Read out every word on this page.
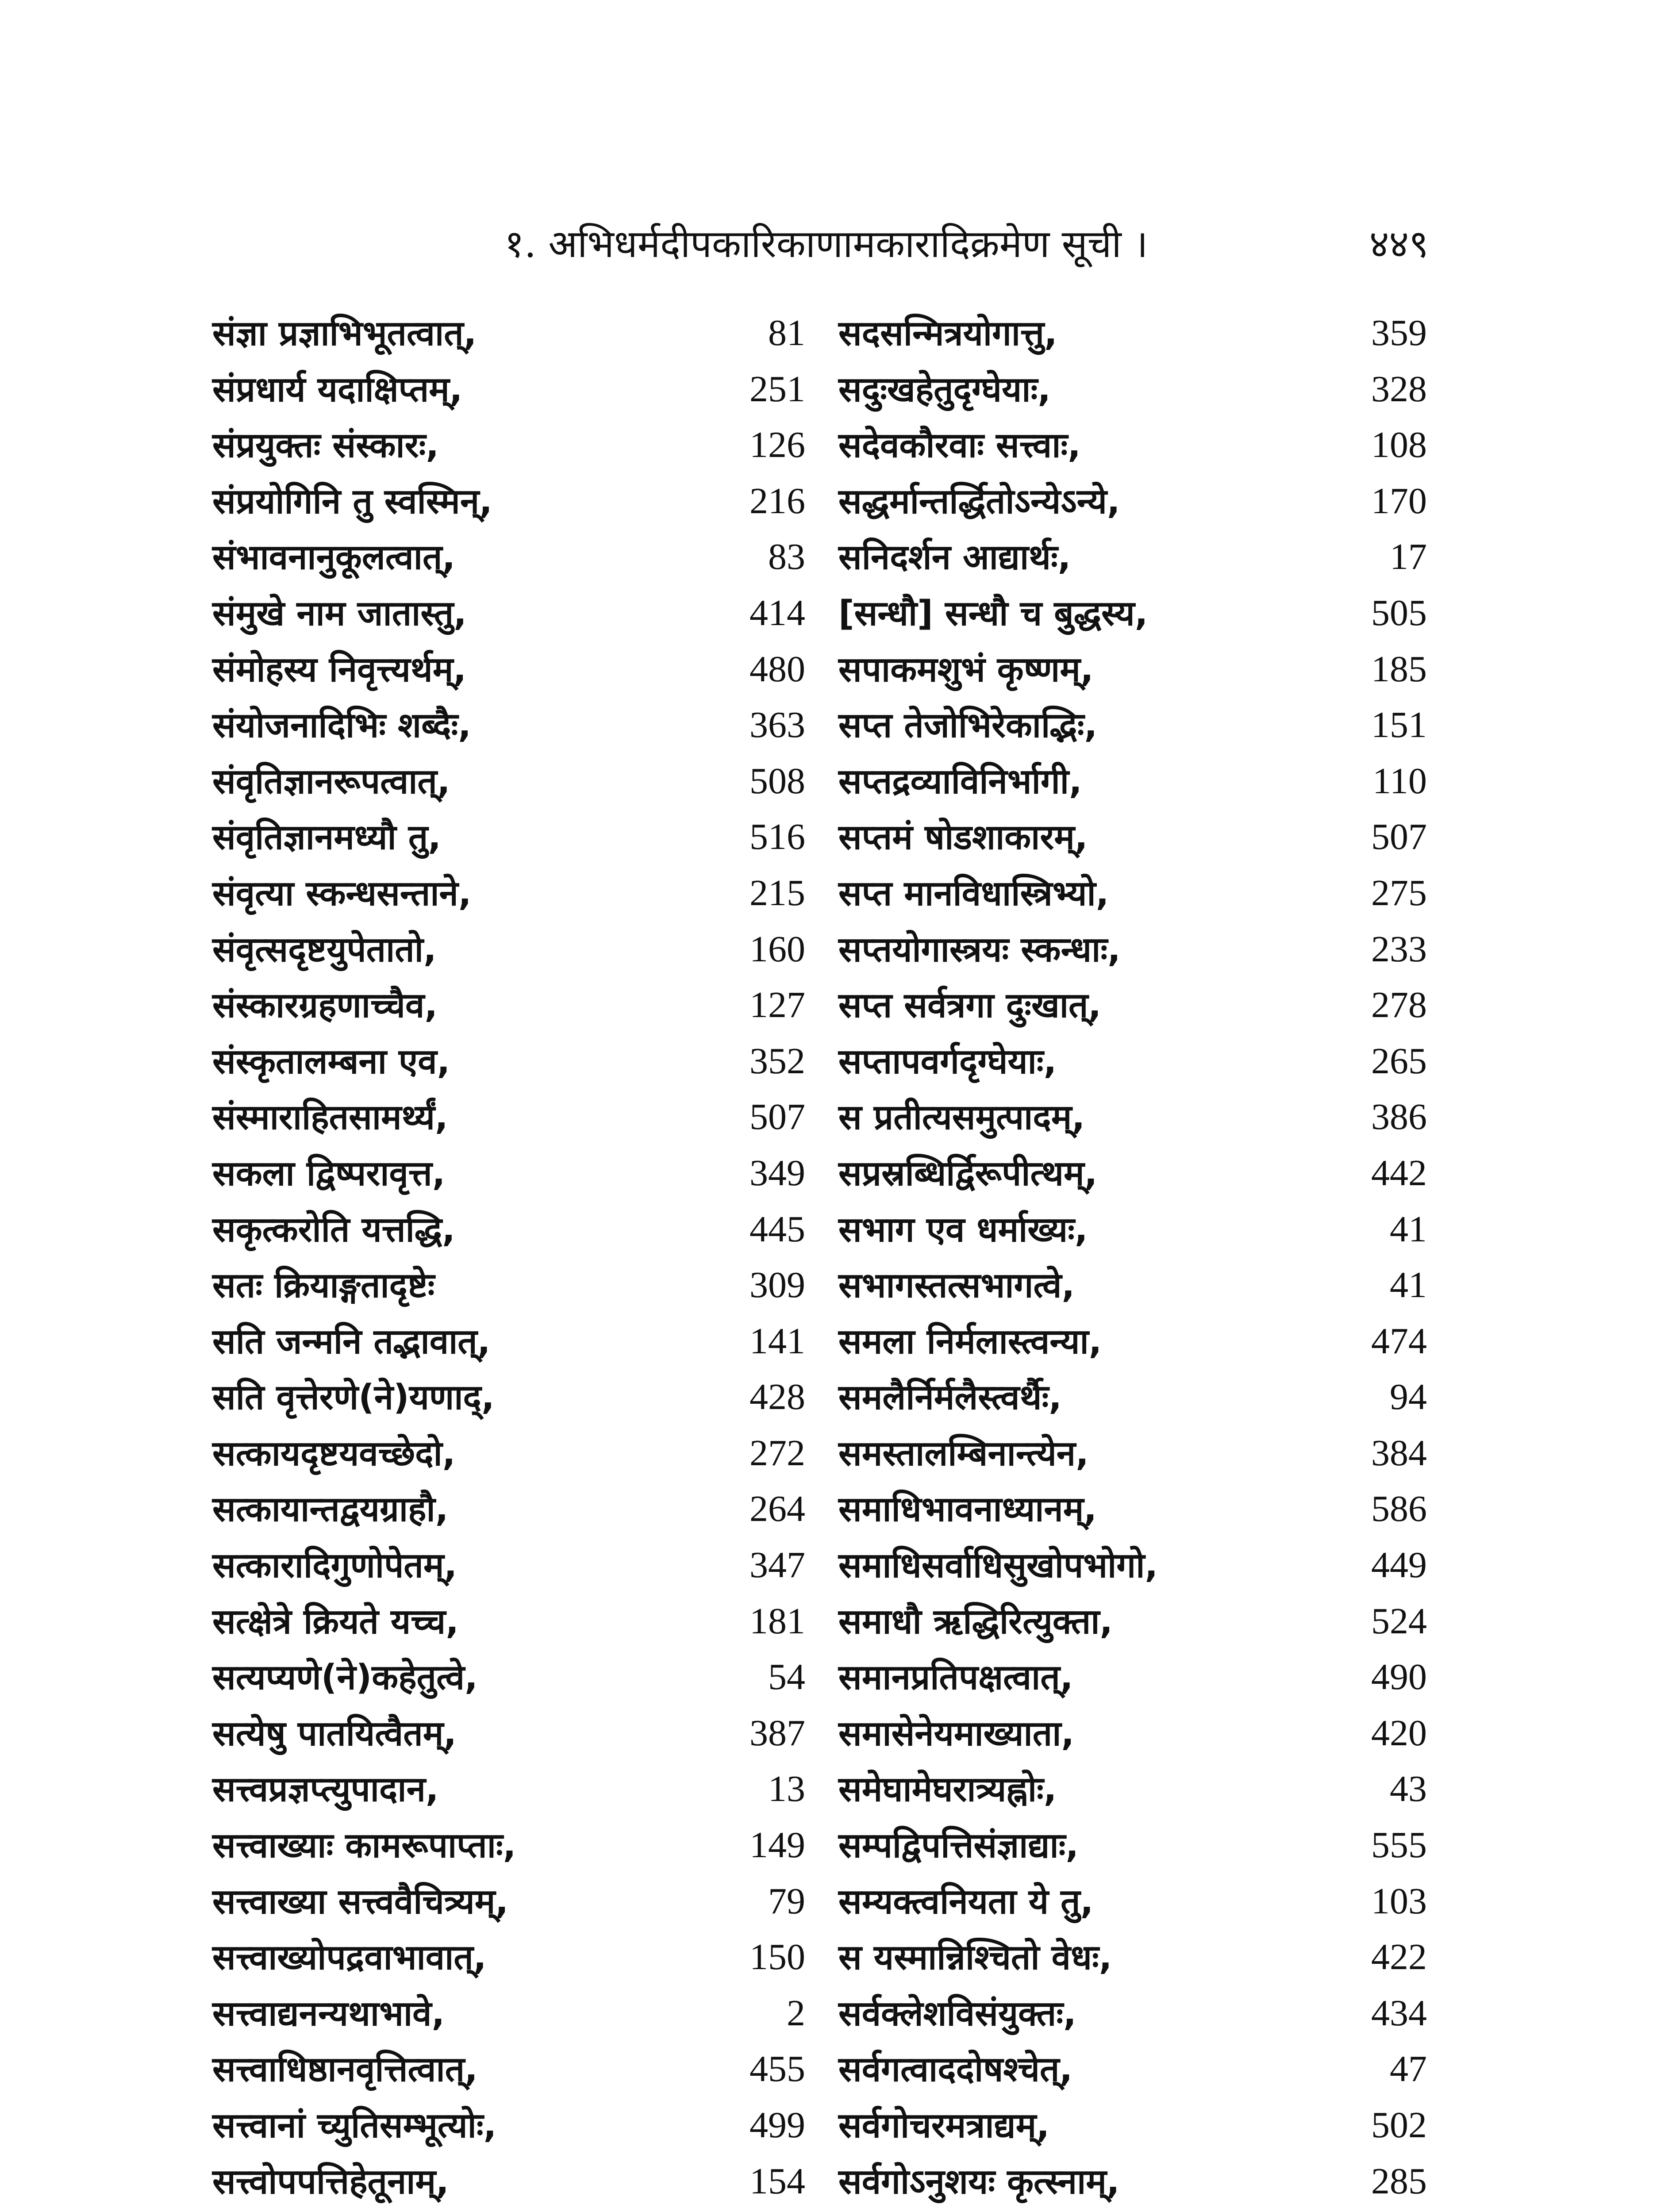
१. अभिधर्मदीपकारिकाणामकारादिक्रमेण सूची ।	४४९
संज्ञा प्रज्ञाभिभूतत्वात्,	81
संप्रधार्य यदाक्षिप्तम्,	251
संप्रयुक्तः संस्कारः,	126
संप्रयोगिनि तु स्वस्मिन्,	216
संभावनानुकूलत्वात्,	83
संमुखे नाम जातास्तु,	414
संमोहस्य निवृत्त्यर्थम्,	480
संयोजनादिभिः शब्दैः,	363
संवृतिज्ञानरूपत्वात्,	508
संवृतिज्ञानमध्यौ तु,	516
संवृत्या स्कन्धसन्ताने,	215
संवृत्सदृष्टयुपेतातो,	160
संस्कारग्रहणाच्चैव,	127
संस्कृतालम्बना एव,	352
संस्माराहितसामर्थ्यं,	507
सकला द्विष्परावृत्त,	349
सकृत्करोति यत्तद्धि,	445
सतः क्रियाङ्गतादृष्टेः	309
सति जन्मनि तद्भावात्,	141
सति वृत्तेरणे(ने)यणाद्,	428
सत्कायदृष्टयवच्छेदो,	272
सत्कायान्तद्वयग्राहौ,	264
सत्कारादिगुणोपेतम्,	347
सत्क्षेत्रे क्रियते यच्च,	181
सत्यप्यणे(ने)कहेतुत्वे,	54
सत्येषु पातयित्वैतम्,	387
सत्त्वप्रज्ञप्त्युपादान,	13
सत्त्वाख्याः कामरूपाप्ताः,	149
सत्त्वाख्या सत्त्ववैचित्र्यम्,	79
सत्त्वाख्योपद्रवाभावात्,	150
सत्त्वाद्यनन्यथाभावे,	2
सत्त्वाधिष्ठानवृत्तित्वात्,	455
सत्त्वानां च्युतिसम्भूत्योः,	499
सत्त्वोपपत्तिहेतूनाम्,	154
सदसन्मित्रयोगात्तु,	359
सदुःखहेतुदृग्घेयाः,	328
सदेवकौरवाः सत्त्वाः,	108
सद्धर्मान्तर्द्धितोऽन्येऽन्ये,	170
सनिदर्शन आद्यार्थः,	17
[सन्धौ] सन्धौ च बुद्धस्य,	505
सपाकमशुभं कृष्णम्,	185
सप्त तेजोभिरेकाद्भिः,	151
सप्तद्रव्याविनिर्भागी,	110
सप्तमं षोडशाकारम्,	507
सप्त मानविधास्त्रिभ्यो,	275
सप्तयोगास्त्रयः स्कन्धाः,	233
सप्त सर्वत्रगा दुःखात्,	278
सप्तापवर्गदृग्घेयाः,	265
स प्रतीत्यसमुत्पादम्,	386
सप्रस्रब्धिर्द्विरूपीत्थम्,	442
सभाग एव धर्माख्यः,	41
सभागस्तत्सभागत्वे,	41
समला निर्मलास्त्वन्या,	474
समलैर्निर्मलैस्त्वर्थैः,	94
समस्तालम्बिनान्त्येन,	384
समाधिभावनाध्यानम्,	586
समाधिसर्वाधिसुखोपभोगो,	449
समाधौ ऋद्धिरित्युक्ता,	524
समानप्रतिपक्षत्वात्,	490
समासेनेयमाख्याता,	420
समेघामेघरात्र्यह्नोः,	43
सम्पद्विपत्तिसंज्ञाद्याः,	555
सम्यक्त्वनियता ये तु,	103
स यस्मान्निश्चितो वेधः,	422
सर्वक्लेशविसंयुक्तः,	434
सर्वगत्वाददोषश्चेत्,	47
सर्वगोचरमत्राद्यम्,	502
सर्वगोऽनुशयः कृत्स्नाम्,	285
